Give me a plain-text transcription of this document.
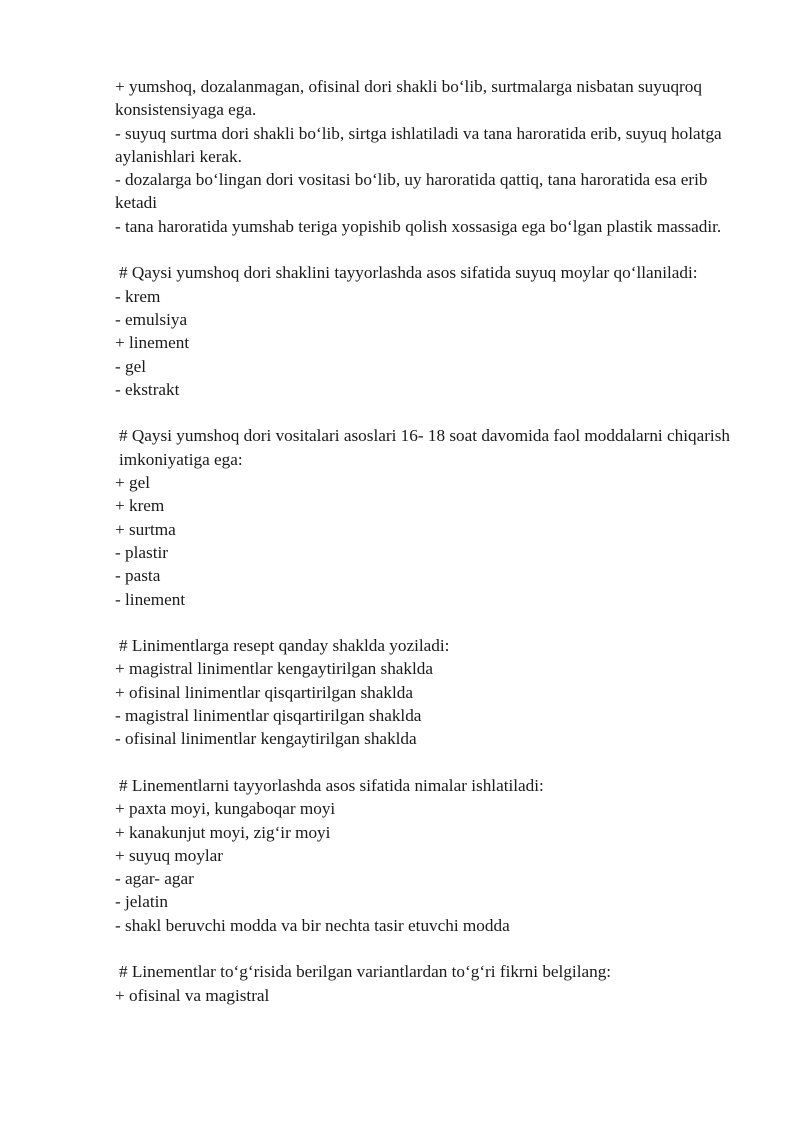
+ yumshoq, dozalanmagan, ofisinal dori shakli bo‘lib, surtmalarga nisbatan suyuqroq konsistensiyaga ega.
- suyuq surtma dori shakli bo‘lib, sirtga ishlatiladi va tana haroratida erib, suyuq holatga aylanishlari kerak.
- dozalarga bo‘lingan dori vositasi bo‘lib, uy haroratida qattiq, tana haroratida esa erib ketadi
- tana haroratida yumshab teriga yopishib qolish xossasiga ega bo‘lgan plastik massadir.
# Qaysi yumshoq dori shaklini tayyorlashda asos sifatida suyuq moylar qo‘llaniladi:
- krem
- emulsiya
+ linement
- gel
- ekstrakt
# Qaysi yumshoq dori vositalari asoslari 16- 18 soat davomida faol moddalarni chiqarish imkoniyatiga ega:
+ gel
+ krem
+ surtma
- plastir
- pasta
- linement
# Linimentlarga resept qanday shaklda yoziladi:
+ magistral linimentlar kengaytirilgan shaklda
+ ofisinal linimentlar qisqartirilgan shaklda
- magistral linimentlar qisqartirilgan shaklda
- ofisinal linimentlar kengaytirilgan shaklda
# Linementlarni tayyorlashda asos sifatida nimalar ishlatiladi:
+ paxta moyi, kungaboqar moyi
+ kanakunjut moyi, zig‘ir moyi
+ suyuq moylar
- agar- agar
- jelatin
- shakl beruvchi modda va bir nechta tasir etuvchi modda
# Linementlar to‘g‘risida berilgan variantlardan to‘g‘ri fikrni belgilang:
+ ofisinal va magistral
